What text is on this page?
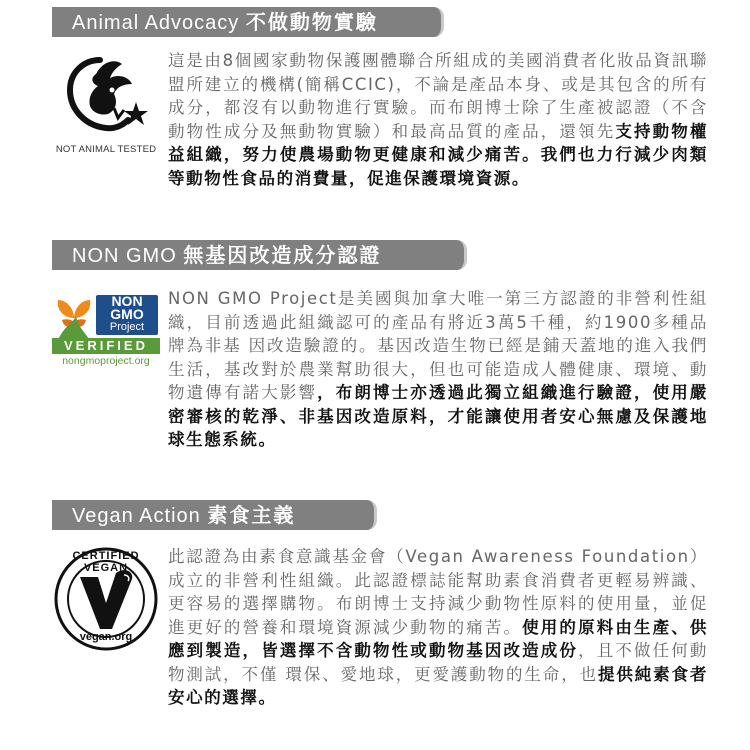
Animal Advocacy 不做動物實驗
NOT ANIMAL TESTED
這是由8個國家動物保護團體聯合所組成的美國消費者化妝品資訊聯盟所建立的機構(簡稱CCIC)，不論是產品本身、或是其包含的所有成分，都沒有以動物進行實驗。而布朗博士除了生產被認證（不含動物性成分及無動物實驗）和最高品質的產品，還領先支持動物權益組織，努力使農場動物更健康和減少痛苦。我們也力行減少肉類等動物性食品的消費量，促進保護環境資源。
NON GMO 無基因改造成分認證
NON
GMO
Project
VERIFIED
nongmoproject.org
NON GMO Project是美國與加拿大唯一第三方認證的非營利性組織，目前透過此組織認可的產品有將近3萬5千種，約1900多種品牌為非基 因改造驗證的。基因改造生物已經是鋪天蓋地的進入我們生活，基改對於農業幫助很大，但也可能造成人體健康、環境、動物遺傳有諾大影響，布朗博士亦透過此獨立組織進行驗證，使用嚴密審核的乾淨、非基因改造原料，才能讓使用者安心無慮及保護地球生態系統。
Vegan Action 素食主義
CERTIFIED VEGAN
vegan.org
此認證為由素食意識基金會（Vegan Awareness Foundation）成立的非營利性組織。此認證標誌能幫助素食消費者更輕易辨識、更容易的選擇購物。布朗博士支持減少動物性原料的使用量，並促進更好的營養和環境資源減少動物的痛苦。使用的原料由生產、供應到製造，皆選擇不含動物性或動物基因改造成份，且不做任何動物測試，不僅 環保、愛地球，更愛護動物的生命，也提供純素食者安心的選擇。
